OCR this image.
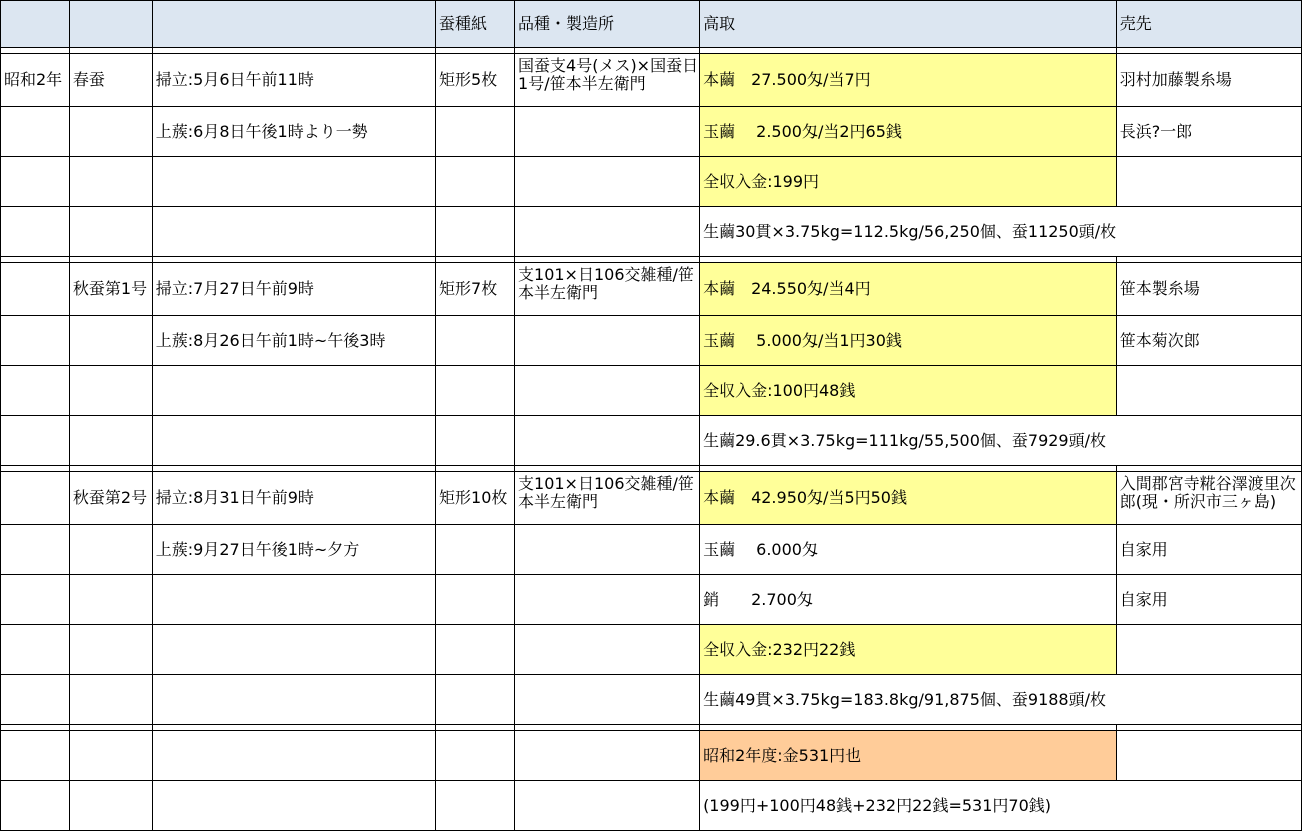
			蚕種紙	品種・製造所	高取	売先

昭和2年	春蚕	掃立:5月6日午前11時	矩形5枚	国蚕支4号(メス)×国蚕日1号/笹本半左衛門	本繭　27.500匁/当7円	羽村加藤製糸場
		上蔟:6月8日午後1時より一勢			玉繭　 2.500匁/当2円65銭	長浜?一郎
					全収入金:199円	
					生繭30貫×3.75kg=112.5kg/56,250個、蚕11250頭/枚	

	秋蚕第1号	掃立:7月27日午前9時	矩形7枚	支101×日106交雑種/笹本半左衛門	本繭　24.550匁/当4円	笹本製糸場
		上蔟:8月26日午前1時~午後3時			玉繭　 5.000匁/当1円30銭	笹本菊次郎
					全収入金:100円48銭	
					生繭29.6貫×3.75kg=111kg/55,500個、蚕7929頭/枚	

	秋蚕第2号	掃立:8月31日午前9時	矩形10枚	支101×日106交雑種/笹本半左衛門	本繭　42.950匁/当5円50銭	入間郡宮寺糀谷澤渡里次郎(現・所沢市三ヶ島)
		上蔟:9月27日午後1時~夕方			玉繭　 6.000匁	自家用
					銷　　2.700匁	自家用
					全収入金:232円22銭	
					生繭49貫×3.75kg=183.8kg/91,875個、蚕9188頭/枚	

					昭和2年度:金531円也	
					(199円+100円48銭+232円22銭=531円70銭)	
